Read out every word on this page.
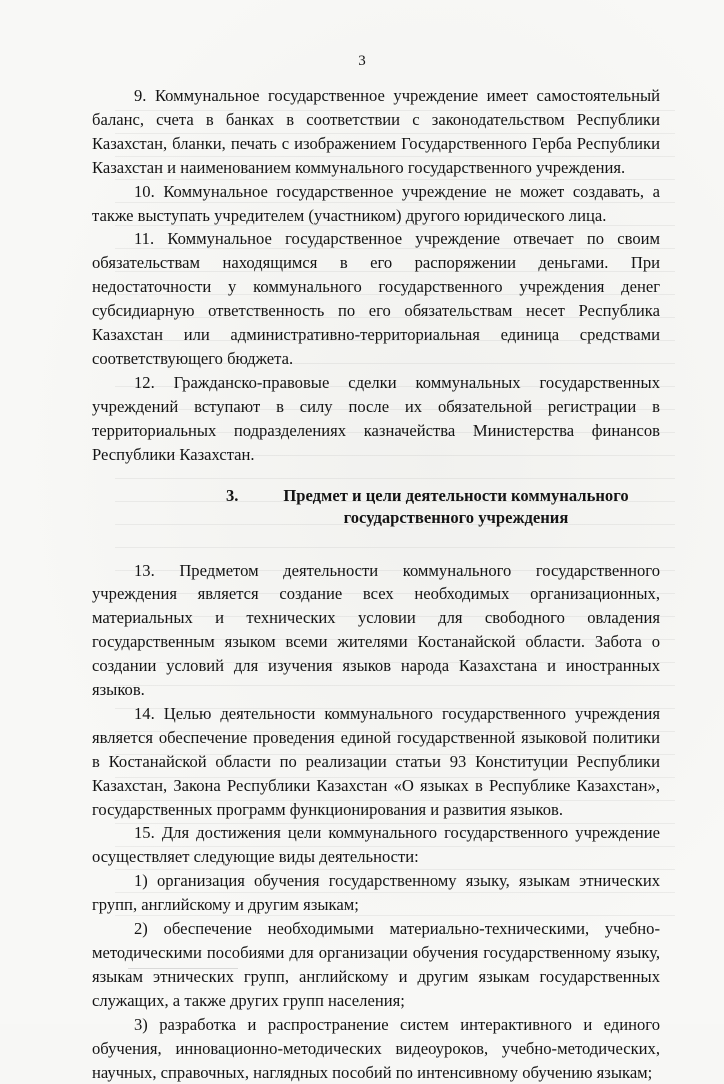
3

9. Коммунальное государственное учреждение имеет самостоятельный баланс, счета в банках в соответствии с законодательством Республики Казахстан, бланки, печать с изображением Государственного Герба Республики Казахстан и наименованием коммунального государственного учреждения.

10. Коммунальное государственное учреждение не может создавать, а также выступать учредителем (участником) другого юридического лица.

11. Коммунальное государственное учреждение отвечает по своим обязательствам находящимся в его распоряжении деньгами. При недостаточности у коммунального государственного учреждения денег субсидиарную ответственность по его обязательствам несет Республика Казахстан или административно-территориальная единица средствами соответствующего бюджета.

12. Гражданско-правовые сделки коммунальных государственных учреждений вступают в силу после их обязательной регистрации в территориальных подразделениях казначейства Министерства финансов Республики Казахстан.

3.	Предмет и цели деятельности коммунального государственного учреждения

13. Предметом деятельности коммунального государственного учреждения является создание всех необходимых организационных, материальных и технических условии для свободного овладения государственным языком всеми жителями Костанайской области. Забота о создании условий для изучения языков народа Казахстана и иностранных языков.

14. Целью деятельности коммунального государственного учреждения является обеспечение проведения единой государственной языковой политики в Костанайской области по реализации статьи 93 Конституции Республики Казахстан, Закона Республики Казахстан «О языках в Республике Казахстан», государственных программ функционирования и развития языков.

15. Для достижения цели коммунального государственного учреждение осуществляет следующие виды деятельности:

1) организация обучения государственному языку, языкам этнических групп, английскому и другим языкам;

2) обеспечение необходимыми материально-техническими, учебно-методическими пособиями для организации обучения государственному языку, языкам этнических групп, английскому и другим языкам государственных служащих, а также других групп населения;

3) разработка и распространение систем интерактивного и единого обучения, инновационно-методических видеоуроков, учебно-методических, научных, справочных, наглядных пособий по интенсивному обучению языкам;
